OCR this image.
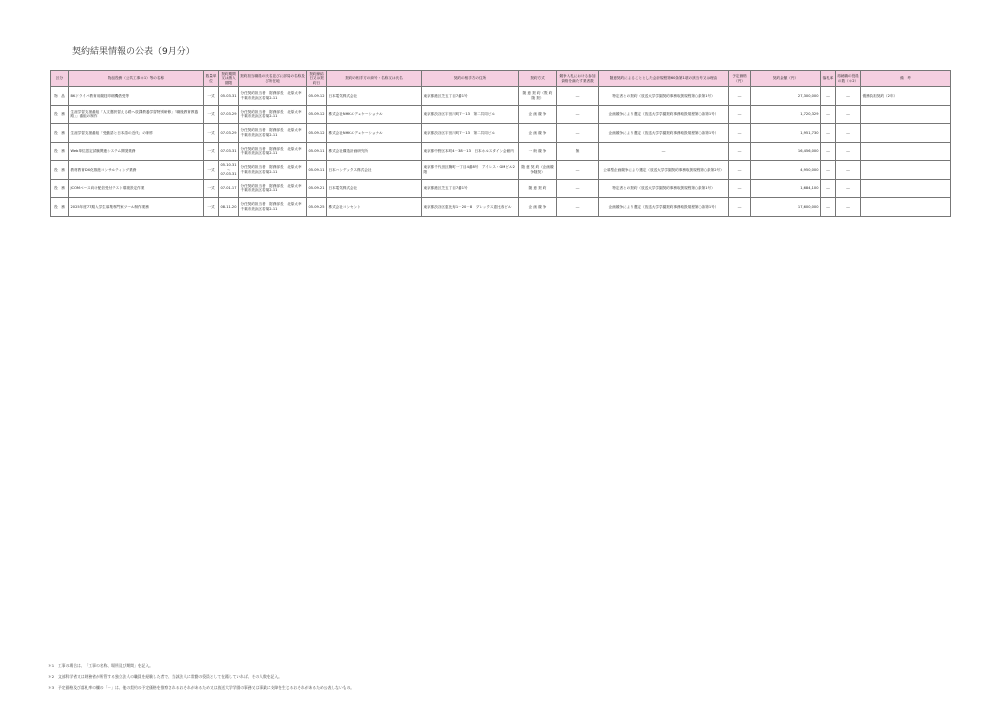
契約結果情報の公表（9月分）
区分	物品役務（公共工事＊1）等の名称	数量単位	契約期間又は納入期限	契約担当職員の氏名並びに部局の名称及び所在地	契約締結日又は契約日	契約の相手方の商号・名称又は氏名	契約の相手方の住所	契約方式	競争入札における参加資格を満たす業者数	随意契約によることとした会計規程第60条第1項の該当号又は理由	予定価格（円）	契約金額（円）	落札率	再就職の役員の数（＊2）	備　考
物　品	BKドライバ教育用競技印刷機借受等	一式	05.03.31	分任契約担当者　財務部長　北原太幸　千葉市美浜区若葉2-11	05.09.12	日本電気株式会社	東京都港区芝五丁目7番1号	随 意 契 約（既 約 随 契）	―	特定者との契約（放送大学学園契約事務取扱規程第○条第1号）	―	27,300,000	―	―	債務負担契約（2年）
役　務	生涯学習支援番組「人文選択習える路へ放課教養学習特別研修」「職後教育教養路」」番組の制作	一式	07.03.29	分任契約担当者　財務部長　北原太幸　千葉市美浜区若葉2-11	05.09.12	株式会社NHKエデュケーショナル	東京都渋谷区宇田川町7－13　第二共同ビル	企 画 競 争	―	企画競争により選定（放送大学学園契約事務取扱規程第○条第1号）	―	1,720,329	―	―	
役　務	生涯学習支援番組「受動語と日本語の近代」の制作	一式	07.03.29	分任契約担当者　財務部長　北原太幸　千葉市美浜区若葉2-11	05.09.12	株式会社NHKエデュケーショナル	東京都渋谷区宇田川町7－13　第二共同ビル	企 画 競 争	―	企画競争により選定（放送大学学園契約事務取扱規程第○条第1号）	―	1,951,730	―	―	
役　務	Web単位認定試験関連システム開発業務	一式	07.03.31	分任契約担当者　財務部長　北原太幸　千葉市美浜区若葉2-11	05.09.11	株式会社構造計画研究所	東京都中野区本町4－38－13　日本ホルスタイン会館内	一 般 競 争	無	―	―	16,456,000	―	―	
役　務	教材教育DX化推進コンサルティング業務	一式	05.10.31～07.03.31	分任契約担当者　財務部長　北原太幸　千葉市美浜区若葉2-11	05.09.11	日本ハンデックス株式会社	東京都千代田区麹町一丁目4番8号　アイレス・GMビル2階	随 意 契 約（企画競争随契）	―	公募型企画競争により選定（放送大学学園契約事務取扱規程第○条第2号）	―	4,950,000	―	―	
役　務	JCOMベース向け配信受付テスト環境設定作業	一式	07.01.17	分任契約担当者　財務部長　北原太幸　千葉市美浜区若葉2-11	05.09.21	日本電気株式会社	東京都港区芝五丁目7番1号	随 意 契 約	―	特定者との契約（放送大学学園契約事務取扱規程第○条第1号）	―	1,684,100	―	―	
役　務	2025年度77期入学生募集専門家ツール制作業務	一式	08.11.20	分任契約担当者　財務部長　北原太幸　千葉市美浜区若葉2-11	05.09.25	株式会社コンセント	東京都渋谷区恵比寿1－20－8　プレックス恵比寿ビル	企 画 競 争	―	企画競争により選定（放送大学学園契約事務取扱規程第○条第1号）	―	17,600,000	―	―	
＊1　工事の場合は、「工事の名称、場所及び期間」を記入。
＊2　文部科学省又は財務省が所管する独立法人の職員を経験した者で、当該法人に常勤の役員として在籍していれば、その人数を記入。
＊3　予定価格及び落札率の欄の「－」は、他の契約の予定価格を推察されるおそれがあるため又は放送大学学園の事務又は事業に支障を生じるおそれがあるため公表しないもの。
